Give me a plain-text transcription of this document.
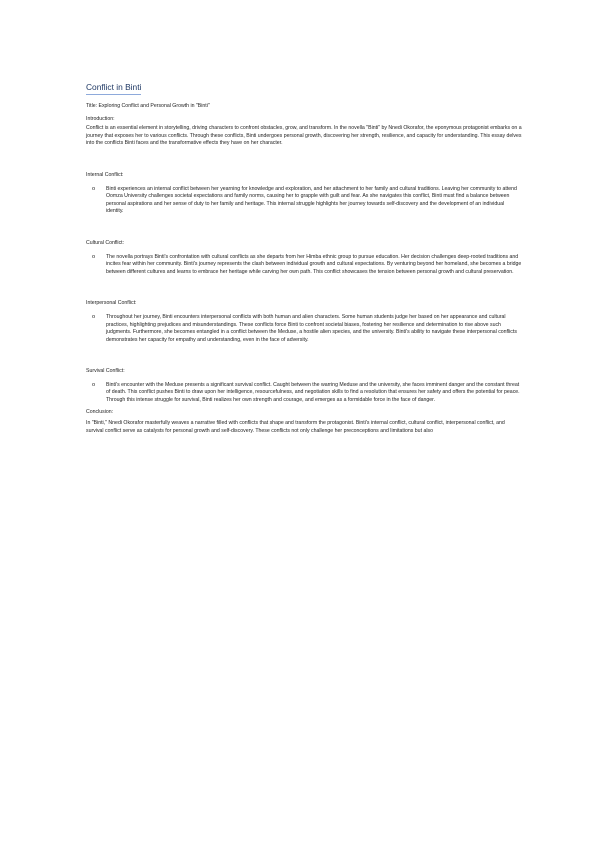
Conflict in Binti

Title: Exploring Conflict and Personal Growth in "Binti"

Introduction:

Conflict is an essential element in storytelling, driving characters to confront obstacles, grow, and transform. In the novella "Binti" by Nnedi Okorafor, the eponymous protagonist embarks on a journey that exposes her to various conflicts. Through these conflicts, Binti undergoes personal growth, discovering her strength, resilience, and capacity for understanding. This essay delves into the conflicts Binti faces and the transformative effects they have on her character.

Internal Conflict:

o	Binti experiences an internal conflict between her yearning for knowledge and exploration, and her attachment to her family and cultural traditions. Leaving her community to attend Oomza University challenges societal expectations and family norms, causing her to grapple with guilt and fear. As she navigates this conflict, Binti must find a balance between personal aspirations and her sense of duty to her family and heritage. This internal struggle highlights her journey towards self-discovery and the development of an individual identity.

Cultural Conflict:

o	The novella portrays Binti's confrontation with cultural conflicts as she departs from her Himba ethnic group to pursue education. Her decision challenges deep-rooted traditions and incites fear within her community. Binti's journey represents the clash between individual growth and cultural expectations. By venturing beyond her homeland, she becomes a bridge between different cultures and learns to embrace her heritage while carving her own path. This conflict showcases the tension between personal growth and cultural preservation.

Interpersonal Conflict:

o	Throughout her journey, Binti encounters interpersonal conflicts with both human and alien characters. Some human students judge her based on her appearance and cultural practices, highlighting prejudices and misunderstandings. These conflicts force Binti to confront societal biases, fostering her resilience and determination to rise above such judgments. Furthermore, she becomes entangled in a conflict between the Meduse, a hostile alien species, and the university. Binti's ability to navigate these interpersonal conflicts demonstrates her capacity for empathy and understanding, even in the face of adversity.

Survival Conflict:

o	Binti's encounter with the Meduse presents a significant survival conflict. Caught between the warring Meduse and the university, she faces imminent danger and the constant threat of death. This conflict pushes Binti to draw upon her intelligence, resourcefulness, and negotiation skills to find a resolution that ensures her safety and offers the potential for peace. Through this intense struggle for survival, Binti realizes her own strength and courage, and emerges as a formidable force in the face of danger.

Conclusion:

In "Binti," Nnedi Okorafor masterfully weaves a narrative filled with conflicts that shape and transform the protagonist. Binti's internal conflict, cultural conflict, interpersonal conflict, and survival conflict serve as catalysts for personal growth and self-discovery. These conflicts not only challenge her preconceptions and limitations but also
